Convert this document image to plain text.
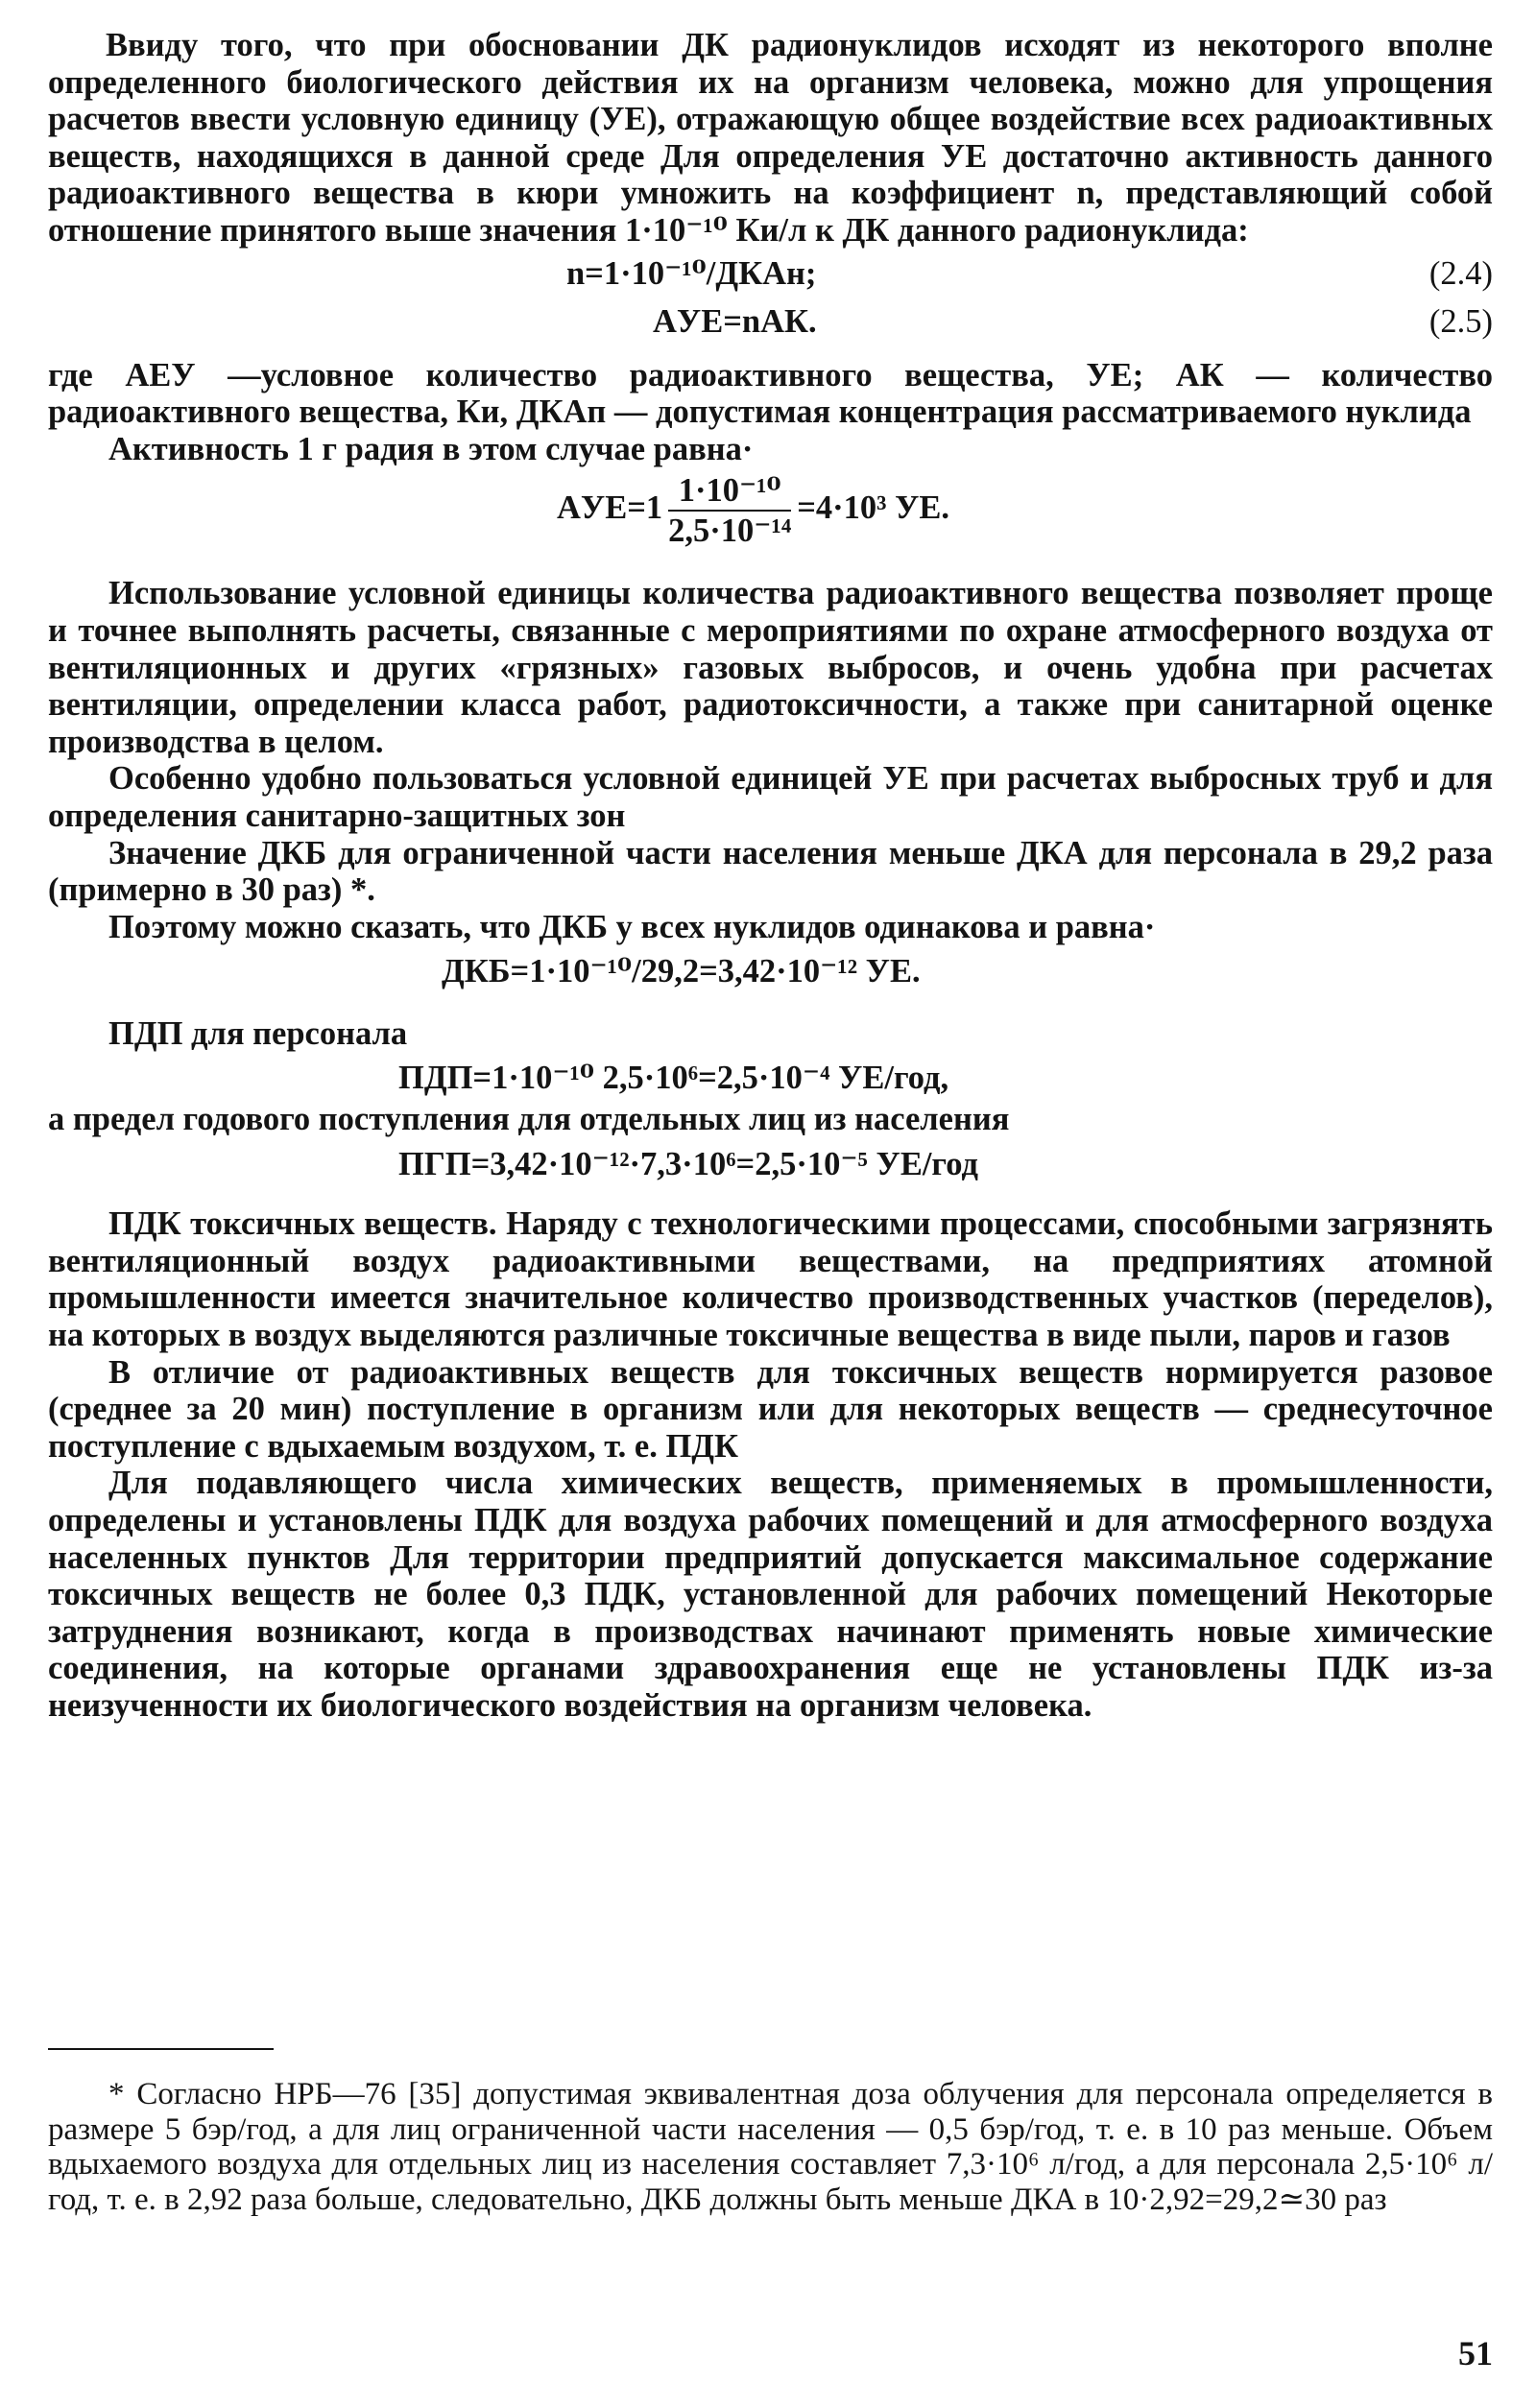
Ввиду того, что при обосновании ДК радионуклидов исходят из некоторого вполне определенного биологического действия их на организм человека, можно для упрощения расчетов ввести условную единицу (УЕ), отражающую общее воздействие всех радиоактивных веществ, находящихся в данной среде Для определения УЕ достаточно активность данного радиоактивного вещества в кюри умножить на коэффициент n, представляющий собой отношение принятого выше значения 1·10⁻¹⁰ Ки/л к ДК данного радионуклида:

n=1·10⁻¹⁰/ДКAн;	(2.4)
AУЕ=nAК.	(2.5)

где AЕУ —условное количество радиоактивного вещества, УЕ; AК — количество радиоактивного вещества, Ки, ДКAп — допустимая концентрация рассматриваемого нуклида

Активность 1 г радия в этом случае равна·

$AУЕ=1 \frac{\text{1·10⁻¹⁰}}{\text{2,5·10⁻¹⁴}} =4\cdot 10^3$ УЕ.

Использование условной единицы количества радиоактивного вещества позволяет проще и точнее выполнять расчеты, связанные с мероприятиями по охране атмосферного воздуха от вентиляционных и других «грязных» газовых выбросов, и очень удобна при расчетах вентиляции, определении класса работ, радиотоксичности, а также при санитарной оценке производства в целом.

Особенно удобно пользоваться условной единицей УЕ при расчетах выбросных труб и для определения санитарно-защитных зон

Значение ДКБ для ограниченной части населения меньше ДКА для персонала в 29,2 раза (примерно в 30 раз) *.

Поэтому можно сказать, что ДКБ у всех нуклидов одинакова и равна·

ДКБ=1·10⁻¹⁰/29,2=3,42·10⁻¹² УЕ.

ПДП для персонала

ПДП=1·10⁻¹⁰ 2,5·10⁶=2,5·10⁻⁴ УЕ/год,

а предел годового поступления для отдельных лиц из населения

ПГП=3,42·10⁻¹²·7,3·10⁶=2,5·10⁻⁵ УЕ/год

ПДК токсичных веществ. Наряду с технологическими процессами, способными загрязнять вентиляционный воздух радиоактивными веществами, на предприятиях атомной промышленности имеется значительное количество производственных участков (переделов), на которых в воздух выделяются различные токсичные вещества в виде пыли, паров и газов

В отличие от радиоактивных веществ для токсичных веществ нормируется разовое (среднее за 20 мин) поступление в организм или для некоторых веществ — среднесуточное поступление с вдыхаемым воздухом, т. е. ПДК

Для подавляющего числа химических веществ, применяемых в промышленности, определены и установлены ПДК для воздуха рабочих помещений и для атмосферного воздуха населенных пунктов Для территории предприятий допускается максимальное содержание токсичных веществ не более 0,3 ПДК, установленной для рабочих помещений Некоторые затруднения возникают, когда в производствах начинают применять новые химические соединения, на которые органами здравоохранения еще не установлены ПДК из-за неизученности их биологического воздействия на организм человека.

* Согласно НРБ—76 [35] допустимая эквивалентная доза облучения для персонала определяется в размере 5 бэр/год, а для лиц ограниченной части населения — 0,5 бэр/год, т. е. в 10 раз меньше. Объем вдыхаемого воздуха для отдельных лиц из населения составляет 7,3·10⁶ л/год, а для персонала 2,5·10⁶ л/год, т. е. в 2,92 раза больше, следовательно, ДКБ должны быть меньше ДКА в 10·2,92=29,2≃30 раз

51
